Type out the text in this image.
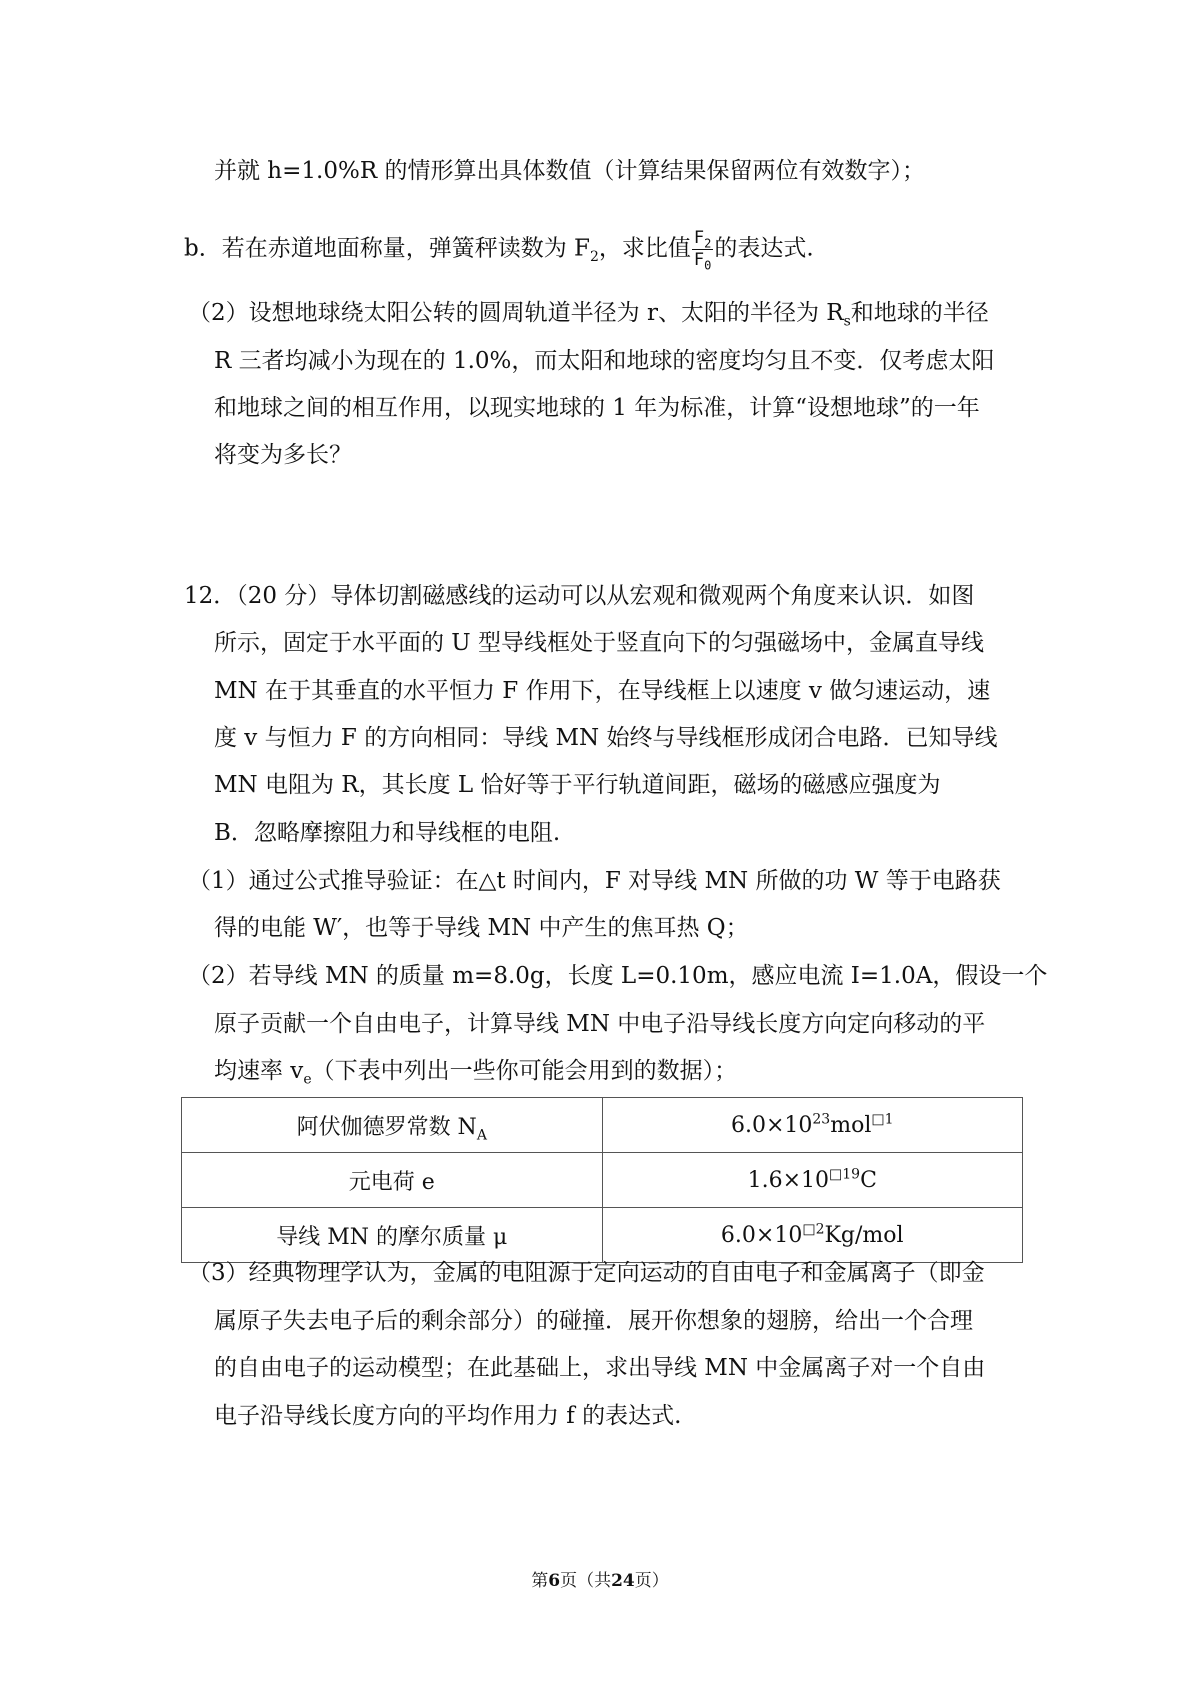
并就 h=1.0%R 的情形算出具体数值（计算结果保留两位有效数字）；
b．若在赤道地面称量，弹簧秤读数为 $F_2$，求比值 $\frac{F_2}{F_0}$ 的表达式.
（2）设想地球绕太阳公转的圆周轨道半径为 r、太阳的半径为 $R_s$和地球的半径
R 三者均减小为现在的 1.0%，而太阳和地球的密度均匀且不变．仅考虑太阳
和地球之间的相互作用，以现实地球的 1 年为标准，计算“设想地球”的一年
将变为多长？
12．（20 分）导体切割磁感线的运动可以从宏观和微观两个角度来认识．如图
所示，固定于水平面的 U 型导线框处于竖直向下的匀强磁场中，金属直导线
MN 在于其垂直的水平恒力 F 作用下，在导线框上以速度 v 做匀速运动，速
度 v 与恒力 F 的方向相同：导线 MN 始终与导线框形成闭合电路．已知导线
MN 电阻为 R，其长度 L 恰好等于平行轨道间距，磁场的磁感应强度为
B．忽略摩擦阻力和导线框的电阻.
（1）通过公式推导验证：在△t 时间内，F 对导线 MN 所做的功 W 等于电路获
得的电能 W′，也等于导线 MN 中产生的焦耳热 Q；
（2）若导线 MN 的质量 m=8.0g，长度 L=0.10m，感应电流 I=1.0A，假设一个
原子贡献一个自由电子，计算导线 MN 中电子沿导线长度方向定向移动的平
均速率 $v_e$（下表中列出一些你可能会用到的数据）；
阿伏伽德罗常数 $N_A$	$6.0\times 10^{23}mol^{□1}$
元电荷 e	$1.6\times 10^{□19}C$
导线 MN 的摩尔质量 μ	$6.0\times 10^{□2}Kg$/mol
（3）经典物理学认为，金属的电阻源于定向运动的自由电子和金属离子（即金
属原子失去电子后的剩余部分）的碰撞．展开你想象的翅膀，给出一个合理
的自由电子的运动模型；在此基础上，求出导线 MN 中金属离子对一个自由
电子沿导线长度方向的平均作用力 f 的表达式.
第6页（共24页）
